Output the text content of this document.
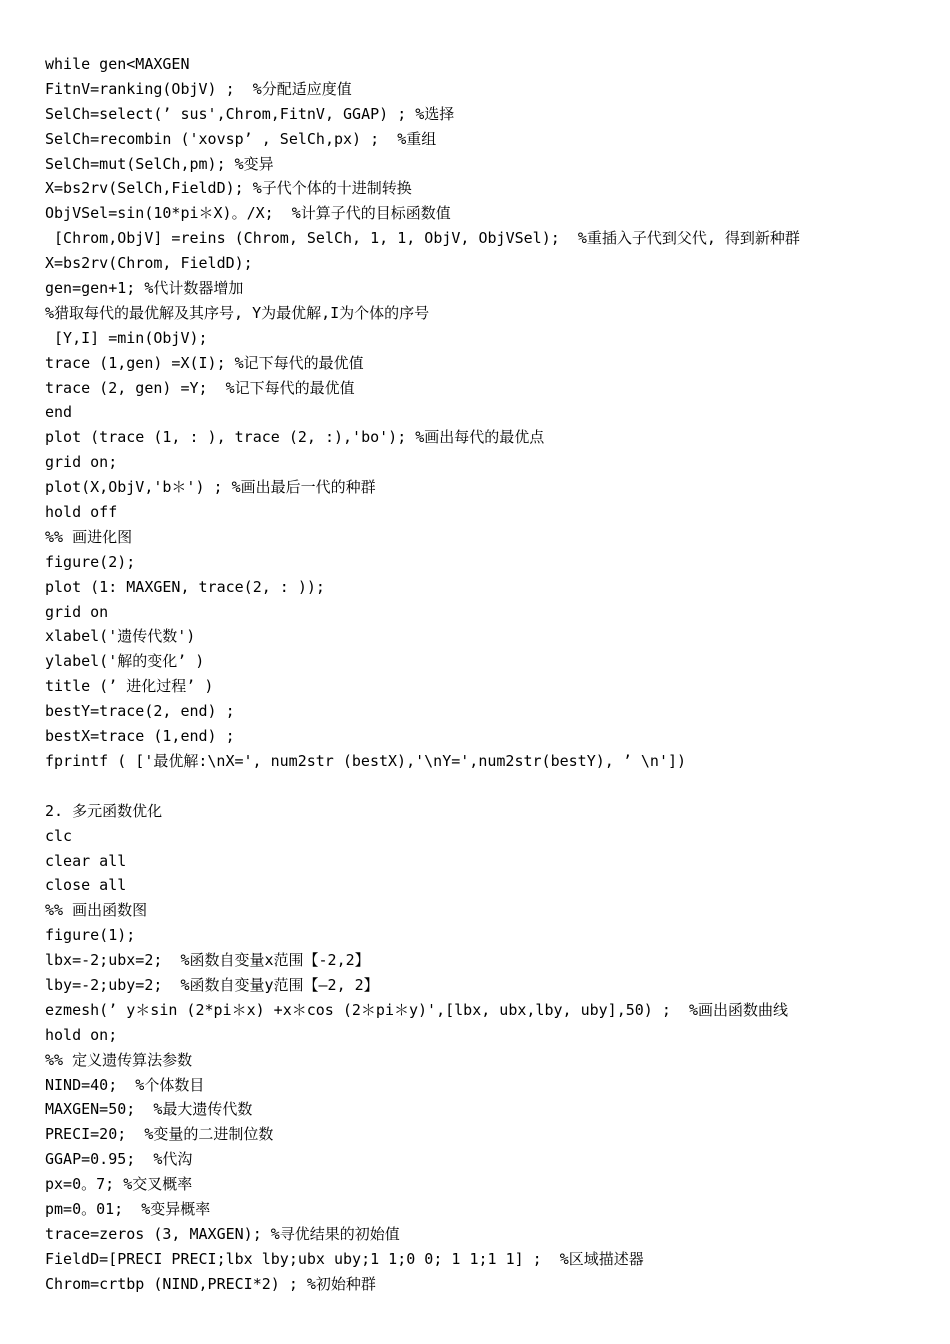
while gen<MAXGEN
FitnV=ranking(ObjV) ;  %分配适应度值
SelCh=select(’ sus',Chrom,FitnV, GGAP) ; %选择
SelCh=recombin ('xovsp’ , SelCh,px) ;  %重组
SelCh=mut(SelCh,pm); %变异
X=bs2rv(SelCh,FieldD); %子代个体的十进制转换
ObjVSel=sin(10*pi＊X)。/X;  %计算子代的目标函数值
[Chrom,ObjV] =reins (Chrom, SelCh, 1, 1, ObjV, ObjVSel);  %重插入子代到父代, 得到新种群
X=bs2rv(Chrom, FieldD);
gen=gen+1; %代计数器增加
%猎取每代的最优解及其序号, Y为最优解,I为个体的序号
[Y,I] =min(ObjV);
trace (1,gen) =X(I); %记下每代的最优值
trace (2, gen) =Y;  %记下每代的最优值
end
plot (trace (1, : ), trace (2, :),'bo'); %画出每代的最优点
grid on;
plot(X,ObjV,'b＊') ; %画出最后一代的种群
hold off
%% 画进化图
figure(2);
plot (1: MAXGEN, trace(2, : ));
grid on
xlabel('遗传代数')
ylabel('解的变化’ )
title (’ 进化过程’ )
bestY=trace(2, end) ;
bestX=trace (1,end) ;
fprintf ( ['最优解:\nX=', num2str (bestX),'\nY=',num2str(bestY), ’ \n'])
2. 多元函数优化
clc
clear all
close all
%% 画出函数图
figure(1);
lbx=-2;ubx=2;  %函数自变量x范围【-2,2】
lby=-2;uby=2;  %函数自变量y范围【—2, 2】
ezmesh(’ y＊sin (2*pi＊x) +x＊cos (2＊pi＊y)',[lbx, ubx,lby, uby],50) ;  %画出函数曲线
hold on;
%% 定义遗传算法参数
NIND=40;  %个体数目
MAXGEN=50;  %最大遗传代数
PRECI=20;  %变量的二进制位数
GGAP=0.95;  %代沟
px=0。7; %交叉概率
pm=0。01;  %变异概率
trace=zeros (3, MAXGEN); %寻优结果的初始值
FieldD=[PRECI PRECI;lbx lby;ubx uby;1 1;0 0; 1 1;1 1] ;  %区域描述器
Chrom=crtbp (NIND,PRECI*2) ; %初始种群
